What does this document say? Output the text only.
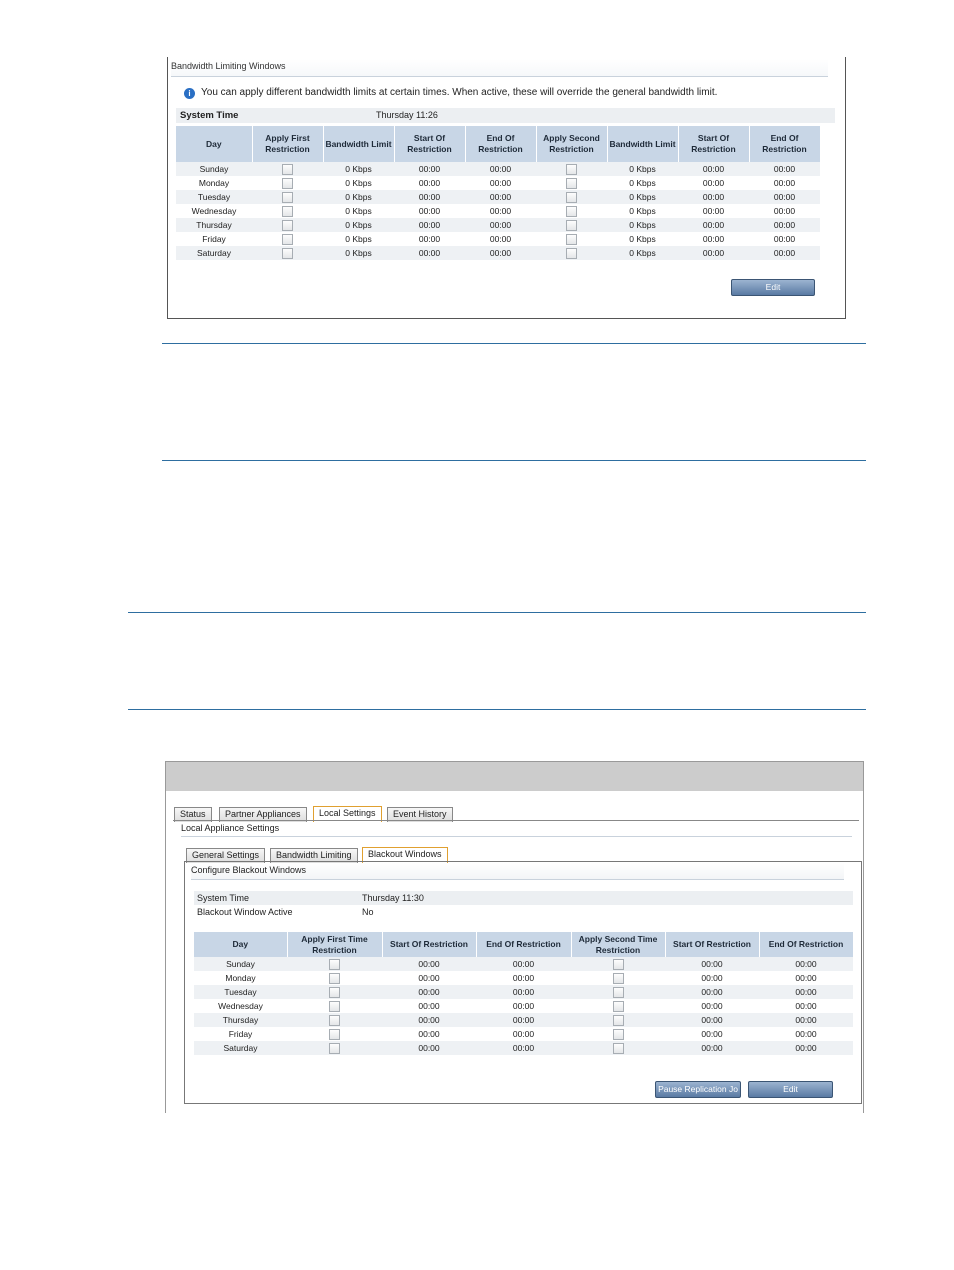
Bandwidth Limiting Windows
i You can apply different bandwidth limits at certain times. When active, these will override the general bandwidth limit.
System Time	Thursday 11:26
Day	Apply First Restriction	Bandwidth Limit	Start Of Restriction	End Of Restriction	Apply Second Restriction	Bandwidth Limit	Start Of Restriction	End Of Restriction
Sunday		0 Kbps	00:00	00:00		0 Kbps	00:00	00:00
Monday		0 Kbps	00:00	00:00		0 Kbps	00:00	00:00
Tuesday		0 Kbps	00:00	00:00		0 Kbps	00:00	00:00
Wednesday		0 Kbps	00:00	00:00		0 Kbps	00:00	00:00
Thursday		0 Kbps	00:00	00:00		0 Kbps	00:00	00:00
Friday		0 Kbps	00:00	00:00		0 Kbps	00:00	00:00
Saturday		0 Kbps	00:00	00:00		0 Kbps	00:00	00:00
Edit
Status	Partner Appliances	Local Settings	Event History
Local Appliance Settings
General Settings	Bandwidth Limiting	Blackout Windows
Configure Blackout Windows
System Time	Thursday 11:30
Blackout Window Active	No
Day	Apply First Time Restriction	Start Of Restriction	End Of Restriction	Apply Second Time Restriction	Start Of Restriction	End Of Restriction
Sunday		00:00	00:00		00:00	00:00
Monday		00:00	00:00		00:00	00:00
Tuesday		00:00	00:00		00:00	00:00
Wednesday		00:00	00:00		00:00	00:00
Thursday		00:00	00:00		00:00	00:00
Friday		00:00	00:00		00:00	00:00
Saturday		00:00	00:00		00:00	00:00
Pause Replication Jo	Edit
